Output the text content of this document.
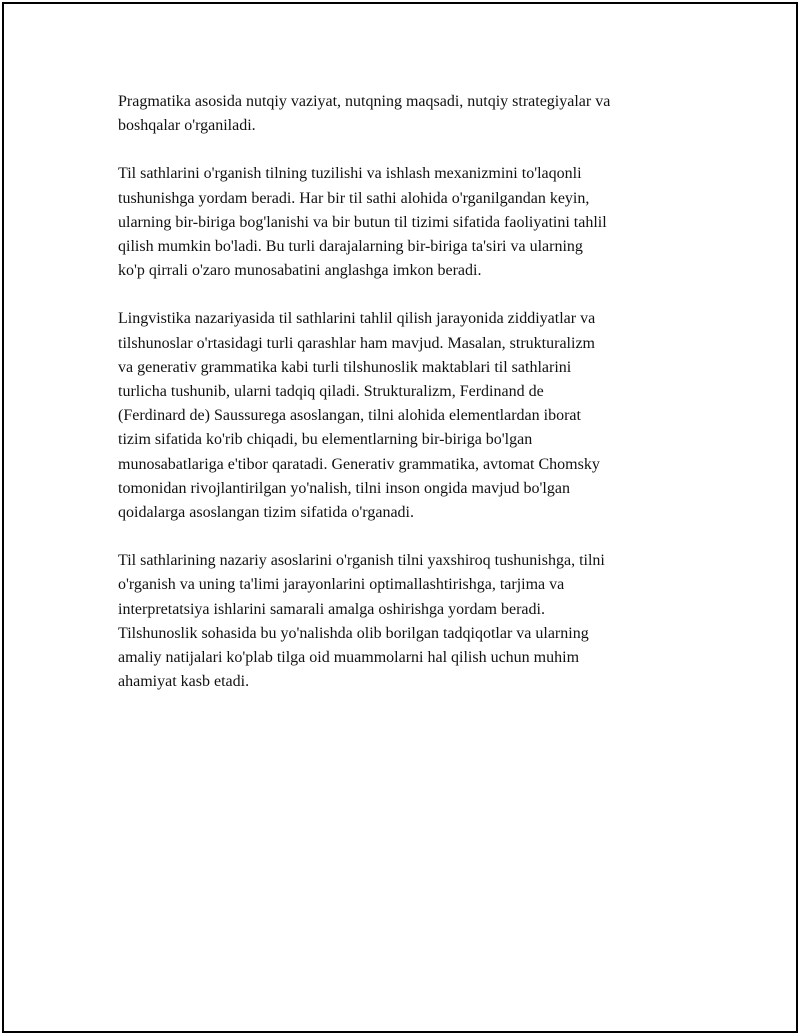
Pragmatika asosida nutqiy vaziyat, nutqning maqsadi, nutqiy strategiyalar va
boshqalar o'rganiladi.

Til sathlarini o'rganish tilning tuzilishi va ishlash mexanizmini to'laqonli
tushunishga yordam beradi. Har bir til sathi alohida o'rganilgandan keyin,
ularning bir-biriga bog'lanishi va bir butun til tizimi sifatida faoliyatini tahlil
qilish mumkin bo'ladi. Bu turli darajalarning bir-biriga ta'siri va ularning
ko'p qirrali o'zaro munosabatini anglashga imkon beradi.

Lingvistika nazariyasida til sathlarini tahlil qilish jarayonida ziddiyatlar va
tilshunoslar o'rtasidagi turli qarashlar ham mavjud. Masalan, strukturalizm
va generativ grammatika kabi turli tilshunoslik maktablari til sathlarini
turlicha tushunib, ularni tadqiq qiladi. Strukturalizm, Ferdinand de
(Ferdinard de) Saussurega asoslangan, tilni alohida elementlardan iborat
tizim sifatida ko'rib chiqadi, bu elementlarning bir-biriga bo'lgan
munosabatlariga e'tibor qaratadi. Generativ grammatika, avtomat Chomsky
tomonidan rivojlantirilgan yo'nalish, tilni inson ongida mavjud bo'lgan
qoidalarga asoslangan tizim sifatida o'rganadi.

Til sathlarining nazariy asoslarini o'rganish tilni yaxshiroq tushunishga, tilni
o'rganish va uning ta'limi jarayonlarini optimallashtirishga, tarjima va
interpretatsiya ishlarini samarali amalga oshirishga yordam beradi.
Tilshunoslik sohasida bu yo'nalishda olib borilgan tadqiqotlar va ularning
amaliy natijalari ko'plab tilga oid muammolarni hal qilish uchun muhim
ahamiyat kasb etadi.
